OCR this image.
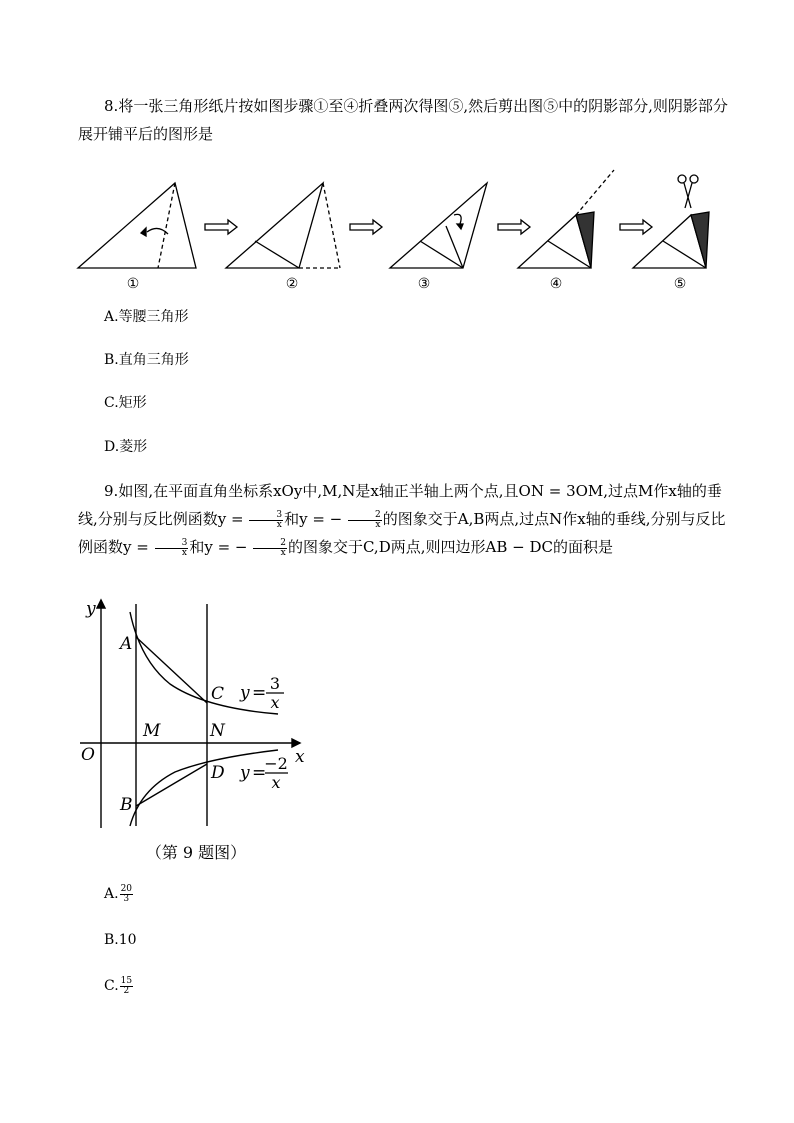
8.将一张三角形纸片按如图步骤①至④折叠两次得图⑤,然后剪出图⑤中的阴影部分,则阴影部分展开铺平后的图形是
①	②	③	④	⑤
A.等腰三角形
B.直角三角形
C.矩形
D.菱形
9.如图,在平面直角坐标系xOy中,M,N是x轴正半轴上两个点,且ON = 3OM,过点M作x轴的垂线,分别与反比例函数$y = \frac{3}{x}$ 和y = − $\frac{2}{x}$ 的图象交于A,B两点,过点N作x轴的垂线,分别与反比例函数$y = \frac{3}{x}$ 和y = − $\frac{2}{x}$ 的图象交于C,D两点,则四边形AB − DC的面积是
y
x
O
M	N
A
B
C
D
y = 3
x
y =
−2
x
（第 9 题图）
A. $\frac{20}{3}$
B.10
C. $\frac{15}{2}$
